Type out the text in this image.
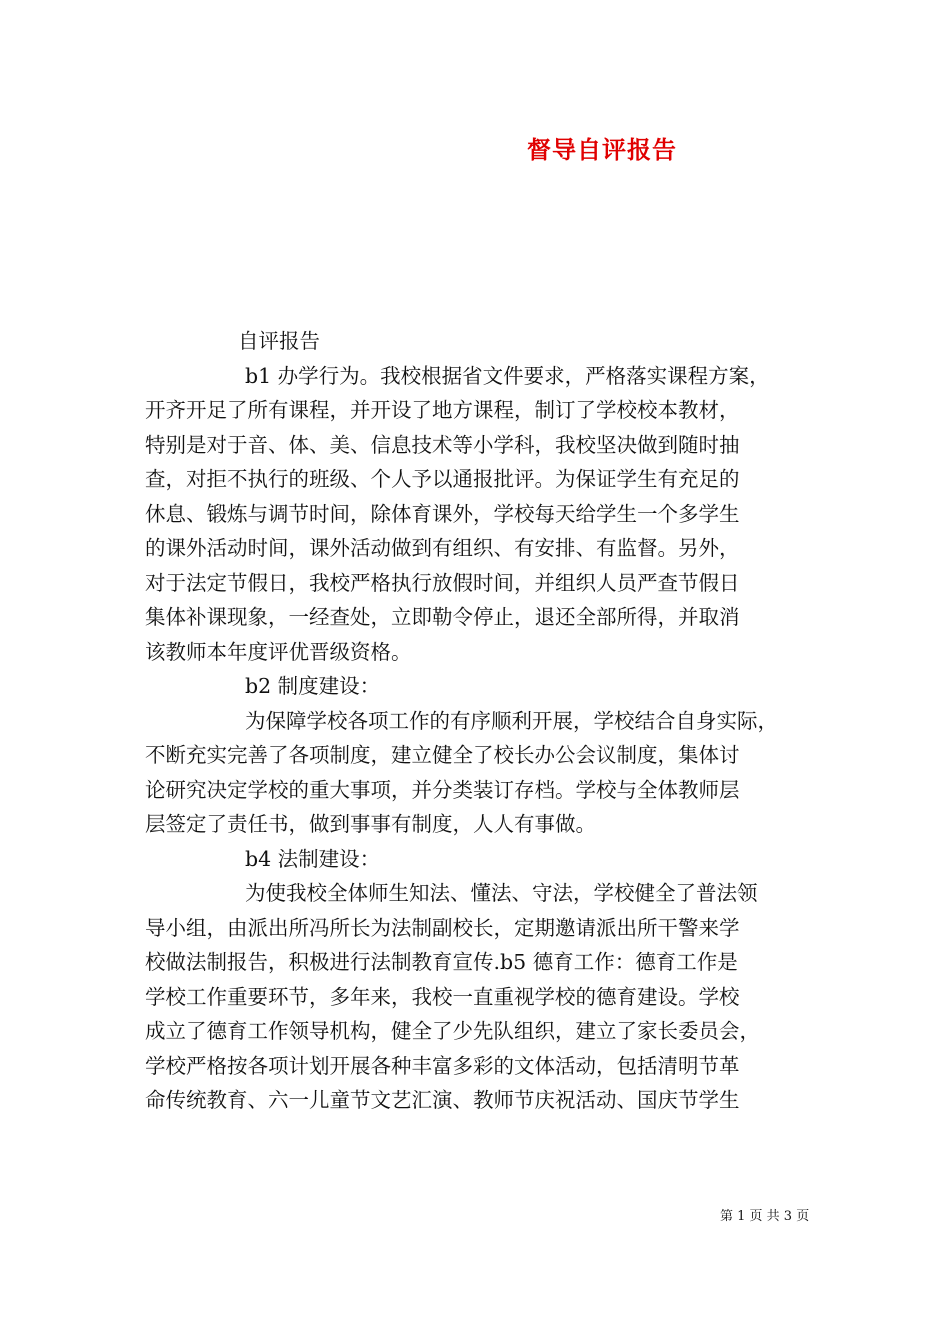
督导自评报告
自评报告
b1 办学行为。我校根据省文件要求，严格落实课程方案，
开齐开足了所有课程，并开设了地方课程，制订了学校校本教材，
特别是对于音、体、美、信息技术等小学科，我校坚决做到随时抽
查，对拒不执行的班级、个人予以通报批评。为保证学生有充足的
休息、锻炼与调节时间，除体育课外，学校每天给学生一个多学生
的课外活动时间，课外活动做到有组织、有安排、有监督。另外，
对于法定节假日，我校严格执行放假时间，并组织人员严查节假日
集体补课现象，一经查处，立即勒令停止，退还全部所得，并取消
该教师本年度评优晋级资格。
b2 制度建设：
为保障学校各项工作的有序顺利开展，学校结合自身实际，
不断充实完善了各项制度，建立健全了校长办公会议制度，集体讨
论研究决定学校的重大事项，并分类装订存档。学校与全体教师层
层签定了责任书，做到事事有制度，人人有事做。
b4 法制建设：
为使我校全体师生知法、懂法、守法，学校健全了普法领
导小组，由派出所冯所长为法制副校长，定期邀请派出所干警来学
校做法制报告，积极进行法制教育宣传.b5 德育工作：德育工作是
学校工作重要环节，多年来，我校一直重视学校的德育建设。学校
成立了德育工作领导机构，健全了少先队组织，建立了家长委员会，
学校严格按各项计划开展各种丰富多彩的文体活动，包括清明节革
命传统教育、六一儿童节文艺汇演、教师节庆祝活动、国庆节学生
第 1 页 共 3 页
